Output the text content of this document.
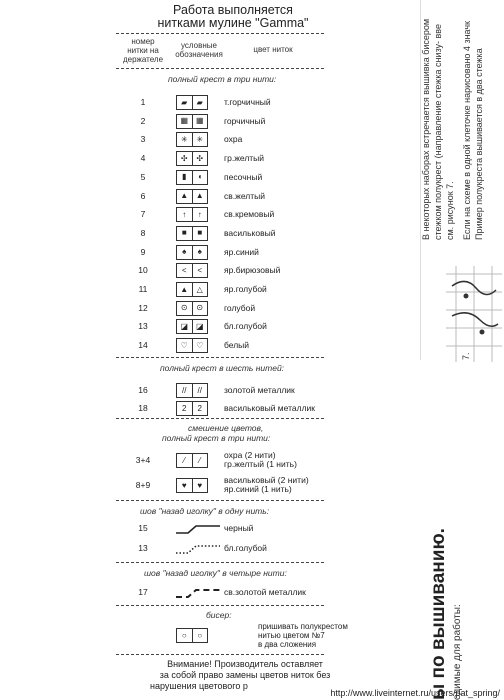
Работа выполняется
нитками мулине "Gamma"
номер
нитки на
держателе
условные
обозначения
цвет ниток
полный крест в три нити:
1	▰	▰	т.горчичный
2	▦ ▦	горчичный
3	✳	✳	охра
4	✣	✣	гр.желтый
5	▮	◖	песочный
6	▲ ▲	св.желтый
7	↑	↑	св.кремовый
8	■	■	васильковый
9	♠	♠	яр.синий
10	<	<	яр.бирюзовый
11	▲	△	яр.голубой
12	⊙	⊙	голубой
13	◪ ◪	бл.голубой
14	♡	♡	белый
полный крест в шесть нитей:
16	//	//	золотой металлик
18	2	2	васильковый металлик
смешение цветов,
полный крест в три нити:
3+4	⁄	⁄	охра (2 нити)
гр.желтый (1 нить)
8+9	♥	♥	васильковый (2 нити)
яр.синий (1 нить)
шов "назад иголку" в одну нить:
15	черный
13	бл.голубой
шов "назад иголку" в четыре нити:
17	св.золотой металлик
бисер:
○	○
пришивать полукрестом
нитью цветом №7
в два сложения
Внимание! Производитель оставляет
за собой право замены цветов ниток без
нарушения цветового р
http://www.liveinternet.ru/users/pat_spring/
В некоторых наборах встречается вышивка бисером стежком полукрест (направление стежка снизу- вве см. рисунок 7. Если на схеме в одной клеточке нарисовано 4 значк Пример полукреста вышивается в два стежка
7.
ы по вышиванию. одимые для работы:
